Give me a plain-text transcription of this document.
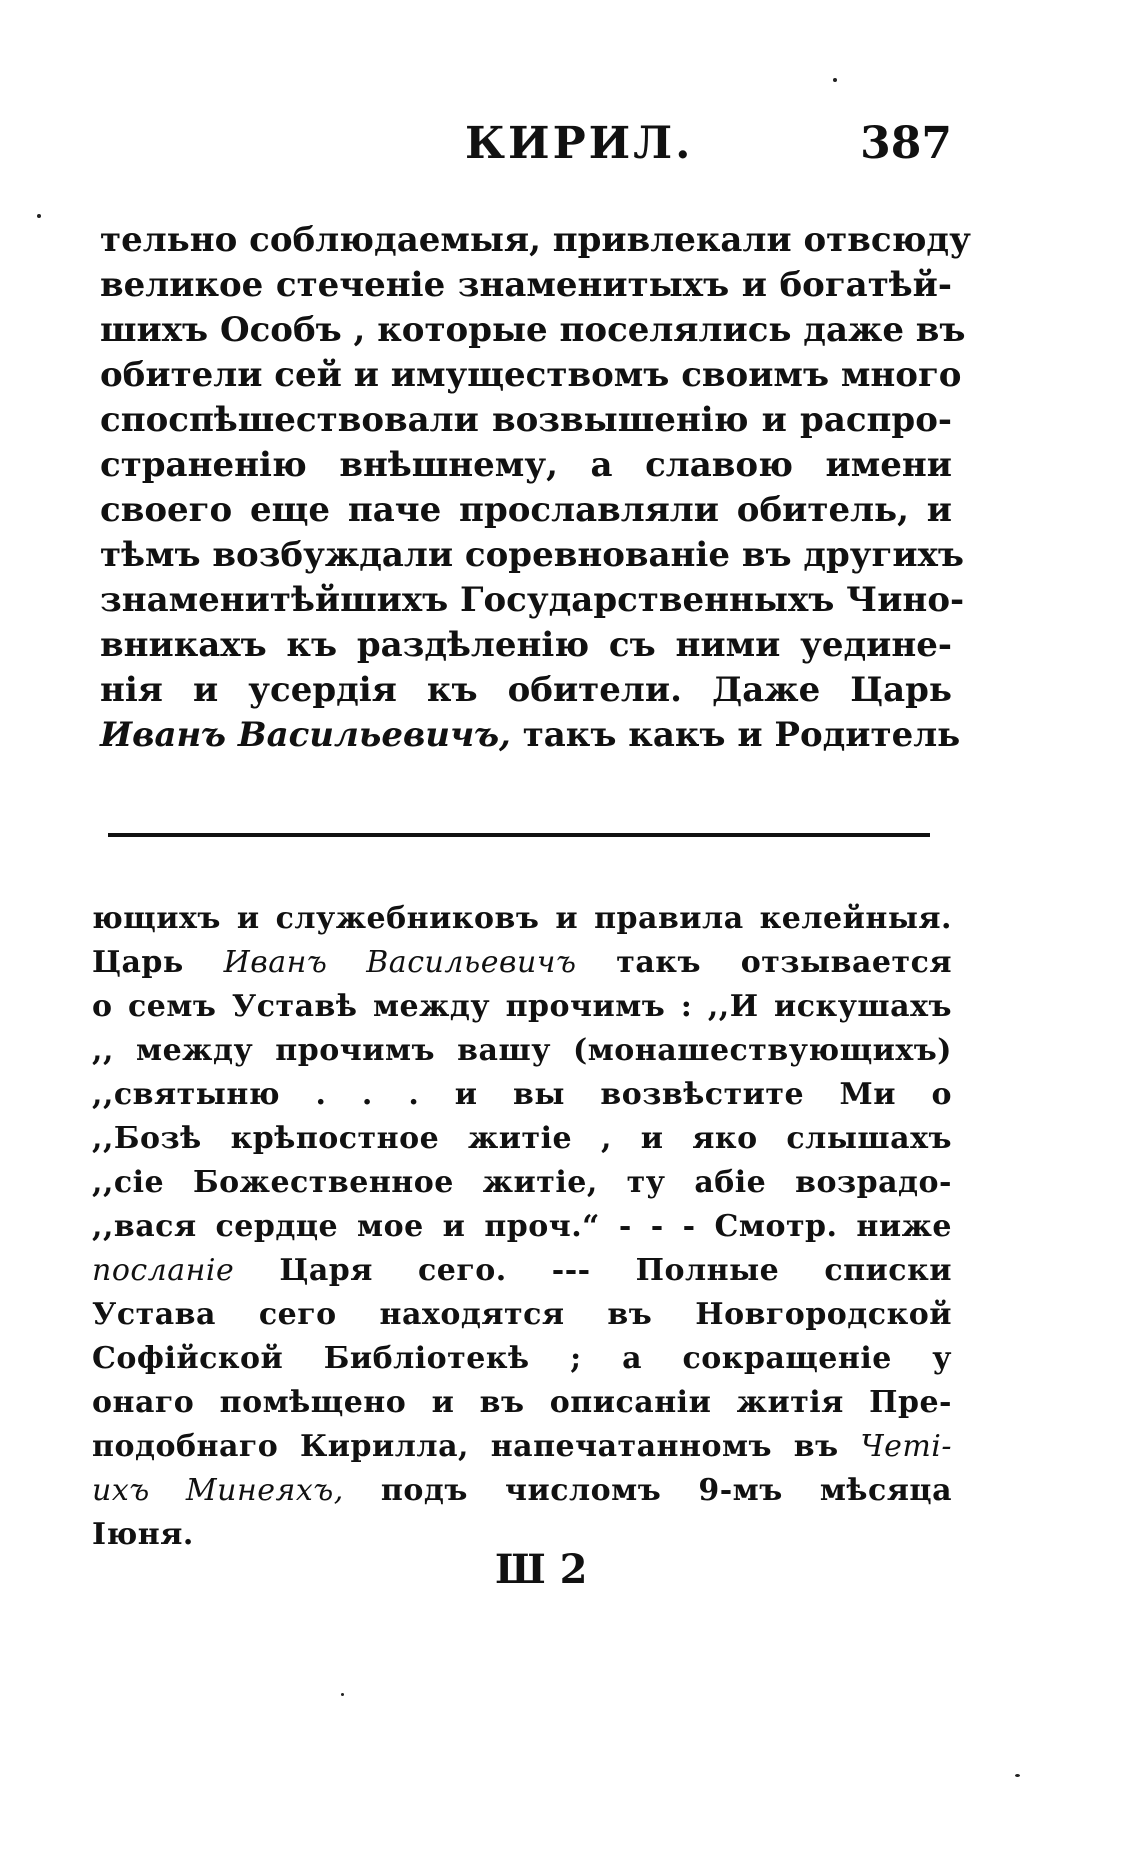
КИРИЛ.	387
тельно соблюдаемыя, привлекали отвсюду
великое стеченіе знаменитыхъ и богатѣй-
шихъ Особъ , которые поселялись даже въ
обители сей и имуществомъ своимъ много
споспѣшествовали возвышенію и распро-
страненію внѣшнему, а славою имени
своего еще паче прославляли обитель, и
тѣмъ возбуждали соревнованіе въ другихъ
знаменитѣйшихъ Государственныхъ Чино-
вникахъ къ раздѣленію съ ними уедине-
нія и усердія къ обители. Даже Царь
Иванъ Васильевичъ, такъ какъ и Родитель
ющихъ и служебниковъ и правила келейныя.
Царь Иванъ Васильевичъ такъ отзывается
о семъ Уставѣ между прочимъ : ,,И искушахъ
,, между прочимъ вашу (монашествующихъ)
,,святыню . . . и вы возвѣстите Ми о
,,Бозѣ крѣпостное житіе , и яко слышахъ
,,сіе Божественное житіе, ту абіе возрадо-
,,вася сердце мое и проч.“ - - - Смотр. ниже
посланіе Царя сего. --- Полные списки
Устава сего находятся въ Новгородской
Софійской Библіотекѣ ; а сокращеніе у
онаго помѣщено и въ описаніи житія Пре-
подобнаго Кирилла, напечатанномъ въ Четі-
ихъ Минеяхъ, подъ числомъ 9-мъ мѣсяца
Іюня.
Ш 2
